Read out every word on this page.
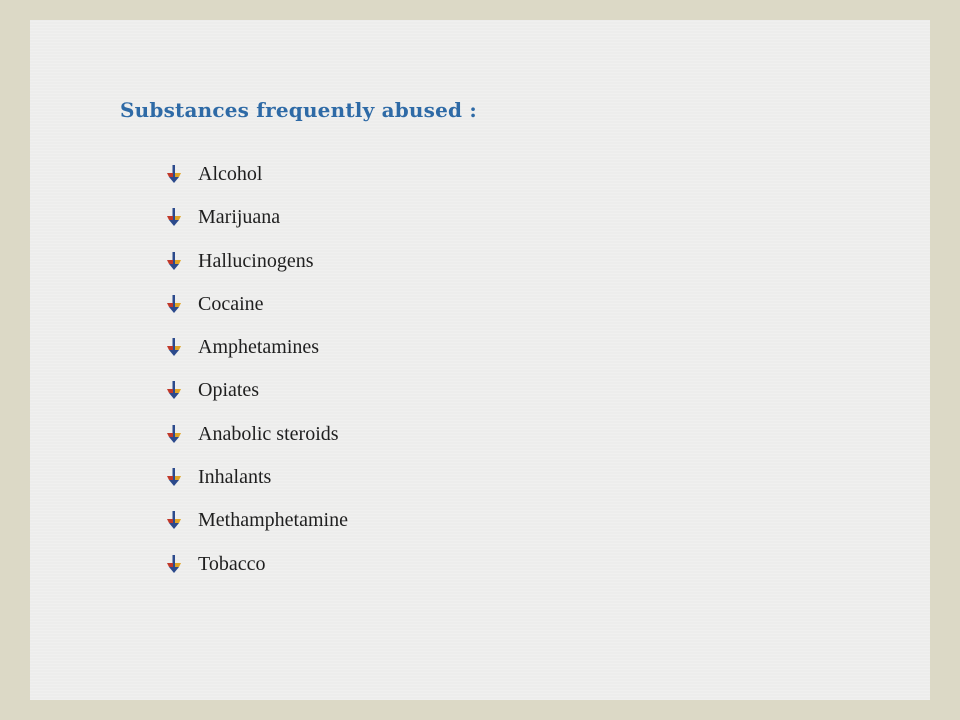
Substances frequently abused :
Alcohol
Marijuana
Hallucinogens
Cocaine
Amphetamines
Opiates
Anabolic steroids
Inhalants
Methamphetamine
Tobacco
